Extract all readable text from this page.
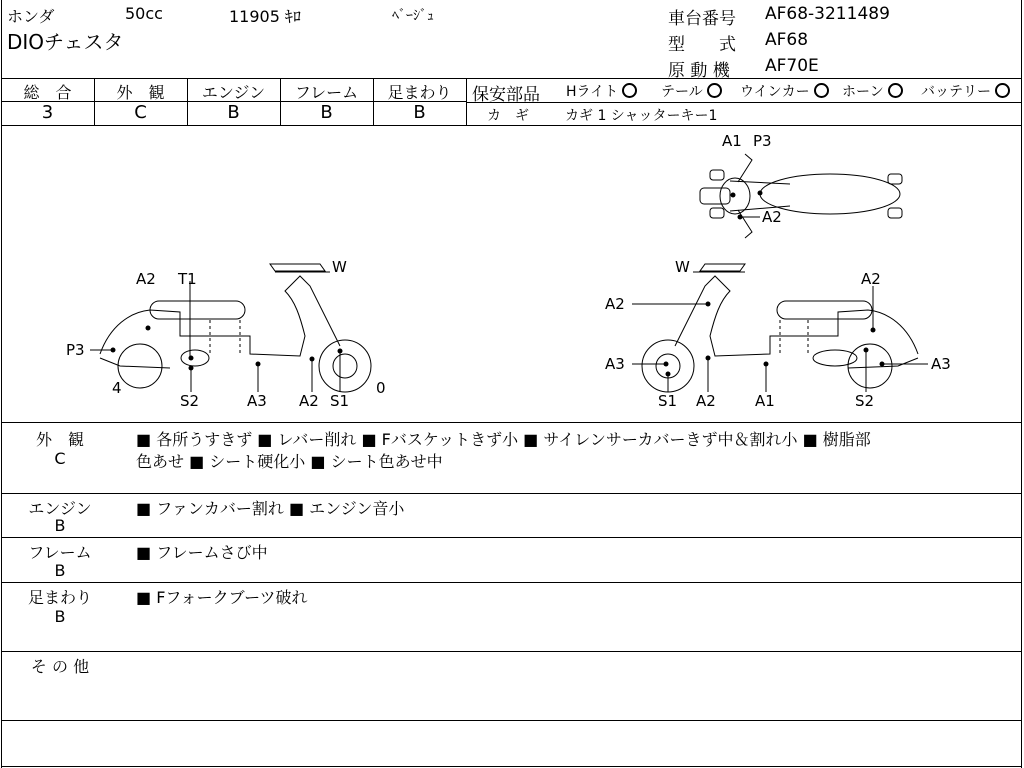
ホンダ	50cc	11905 ｷﾛ	ﾍﾞｰｼﾞｭ
DIOチェスタ
車台番号 AF68-3211489
型　　式 AF68
原 動 機 AF70E
総　合	外　観	エンジン	フレーム	足まわり
3	C	B	B	B
保安部品 Hライト	テール	ウインカー	ホーン	バッテリー
カ　ギ	カギ 1 シャッターキー1
A1 P3
A2
W
A2 T1
P3
4
S2	A3 A2 S1
0
W
A2
A2
A3	A3
S1 A2	A1	S2
外　観
C
■ 各所うすきず ■ レバー削れ ■ Fバスケットきず小 ■ サイレンサーカバーきず中＆割れ小 ■ 樹脂部
色あせ ■ シート硬化小 ■ シート色あせ中
エンジン
B
■ ファンカバー割れ ■ エンジン音小
フレーム
B
■ フレームさび中
足まわり
B
■ Fフォークブーツ破れ
そ の 他
